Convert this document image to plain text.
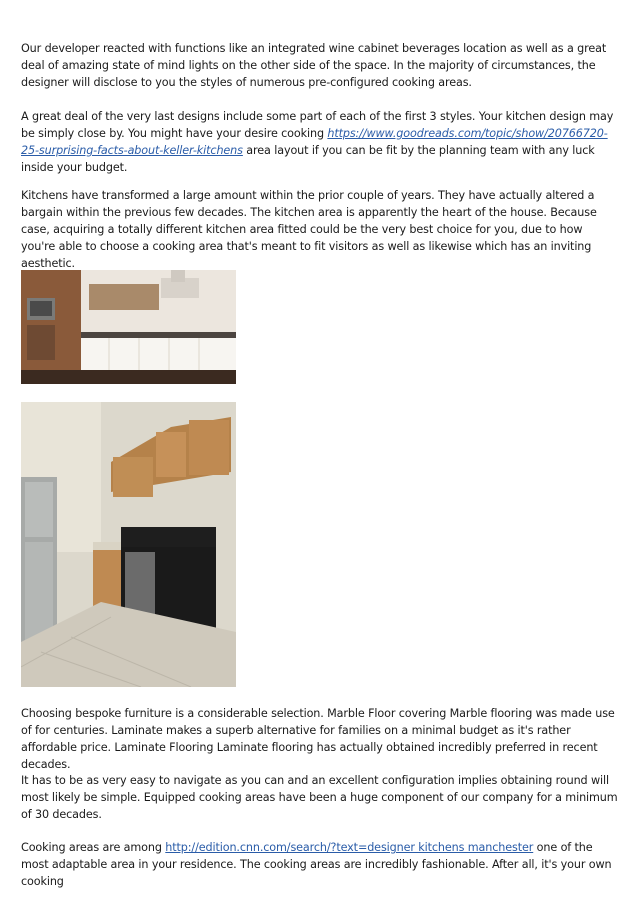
Our developer reacted with functions like an integrated wine cabinet beverages location as well as a great deal of amazing state of mind lights on the other side of the space. In the majority of circumstances, the designer will disclose to you the styles of numerous pre-configured cooking areas.

A great deal of the very last designs include some part of each of the first 3 styles. Your kitchen design may be simply close by. You might have your desire cooking https://www.goodreads.com/topic/show/20766720-25-surprising-facts-about-keller-kitchens area layout if you can be fit by the planning team with any luck inside your budget.

Kitchens have transformed a large amount within the prior couple of years. They have actually altered a bargain within the previous few decades. The kitchen area is apparently the heart of the house. Because case, acquiring a totally different kitchen area fitted could be the very best choice for you, due to how you're able to choose a cooking area that's meant to fit visitors as well as likewise which has an inviting aesthetic.

Choosing bespoke furniture is a considerable selection. Marble Floor covering Marble flooring was made use of for centuries. Laminate makes a superb alternative for families on a minimal budget as it's rather affordable price. Laminate Flooring Laminate flooring has actually obtained incredibly preferred in recent decades.

It has to be as very easy to navigate as you can and an excellent configuration implies obtaining round will most likely be simple. Equipped cooking areas have been a huge component of our company for a minimum of 30 decades.

Cooking areas are among http://edition.cnn.com/search/?text=designer kitchens manchester one of the most adaptable area in your residence. The cooking areas are incredibly fashionable. After all, it's your own cooking
